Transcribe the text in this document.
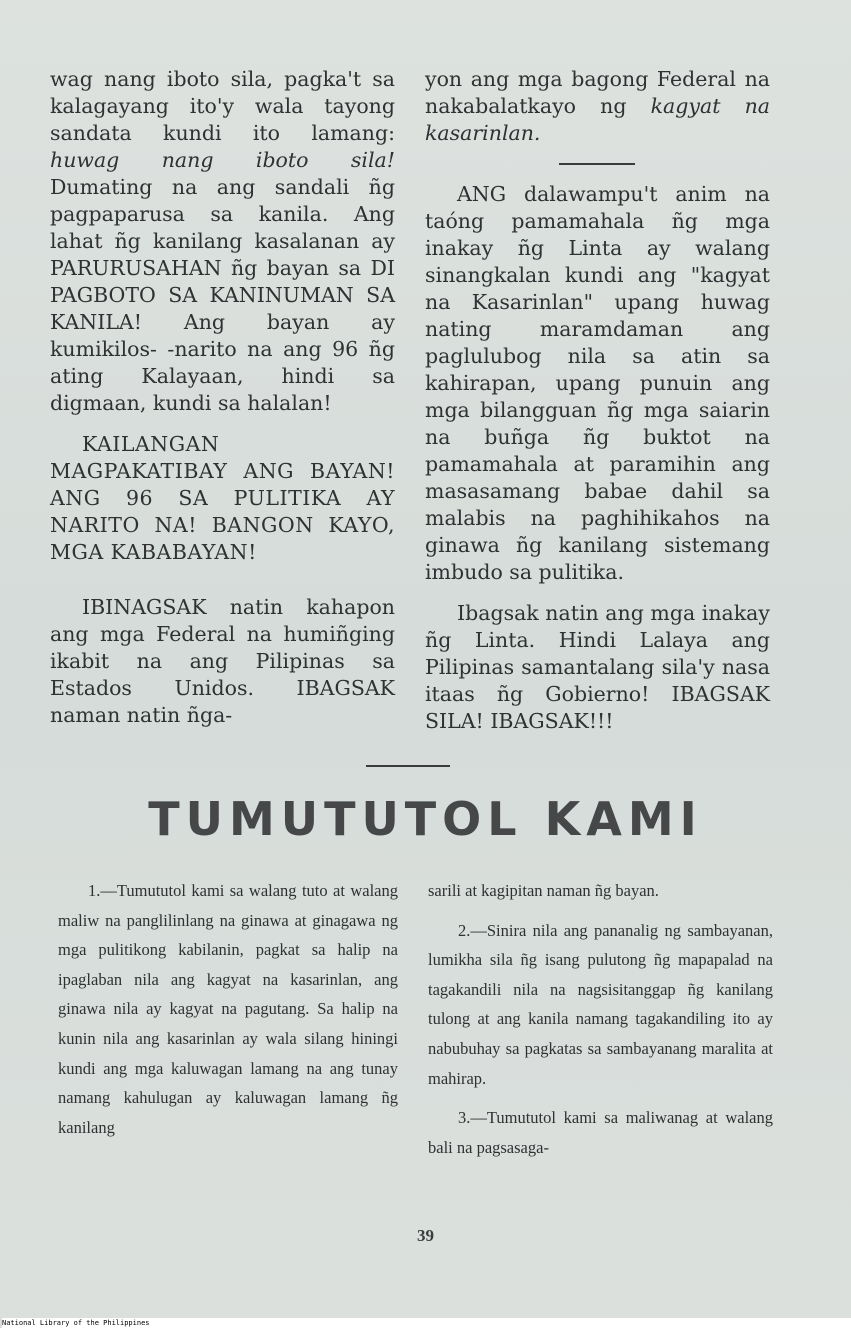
wag nang iboto sila, pagka't sa kalagayang ito'y wala tayong sandata kundi ito lamang: huwag nang iboto sila! Dumating na ang sandali ñg pagpaparusa sa kanila. Ang lahat ñg kanilang kasalanan ay PARURUSAHAN ñg bayan sa DI PAGBOTO SA KANINUMAN SA KANILA! Ang bayan ay kumikilos- -narito na ang 96 ñg ating Kalayaan, hindi sa digmaan, kundi sa halalan!

KAILANGAN MAGPAKATIBAY ANG BAYAN! ANG 96 SA PULITIKA AY NARITO NA! BANGON KAYO, MGA KABABAYAN!

IBINAGSAK natin kahapon ang mga Federal na humiñging ikabit na ang Pilipinas sa Estados Unidos. IBAGSAK naman natin ñga-

yon ang mga bagong Federal na nakabalatkayo ng kagyat na kasarinlan.

ANG dalawampu't anim na taóng pamamahala ñg mga inakay ñg Linta ay walang sinangkalan kundi ang "kagyat na Kasarinlan" upang huwag nating maramdaman ang paglulubog nila sa atin sa kahirapan, upang punuin ang mga bilangguan ñg mga saiarin na buñga ñg buktot na pamamahala at paramihin ang masasamang babae dahil sa malabis na paghihikahos na ginawa ñg kanilang sistemang imbudo sa pulitika.

Ibagsak natin ang mga inakay ñg Linta. Hindi Lalaya ang Pilipinas samantalang sila'y nasa itaas ñg Gobierno! IBAGSAK SILA! IBAGSAK!!!

TUMUTUTOL KAMI

1.—Tumututol kami sa walang tuto at walang maliw na panglilinlang na ginawa at ginagawa ng mga pulitikong kabilanin, pagkat sa halip na ipaglaban nila ang kagyat na kasarinlan, ang ginawa nila ay kagyat na pagutang. Sa halip na kunin nila ang kasarinlan ay wala silang hiningi kundi ang mga kaluwagan lamang na ang tunay namang kahulugan ay kaluwagan lamang ñg kanilang

sarili at kagipitan naman ñg bayan.

2.—Sinira nila ang pananalig ng sambayanan, lumikha sila ñg isang pulutong ñg mapapalad na tagakandili nila na nagsisitanggap ñg kanilang tulong at ang kanila namang tagakandiling ito ay nabubuhay sa pagkatas sa sambayanang maralita at mahirap.

3.—Tumututol kami sa maliwanag at walang bali na pagsasaga-

39
National Library of the Philippines
